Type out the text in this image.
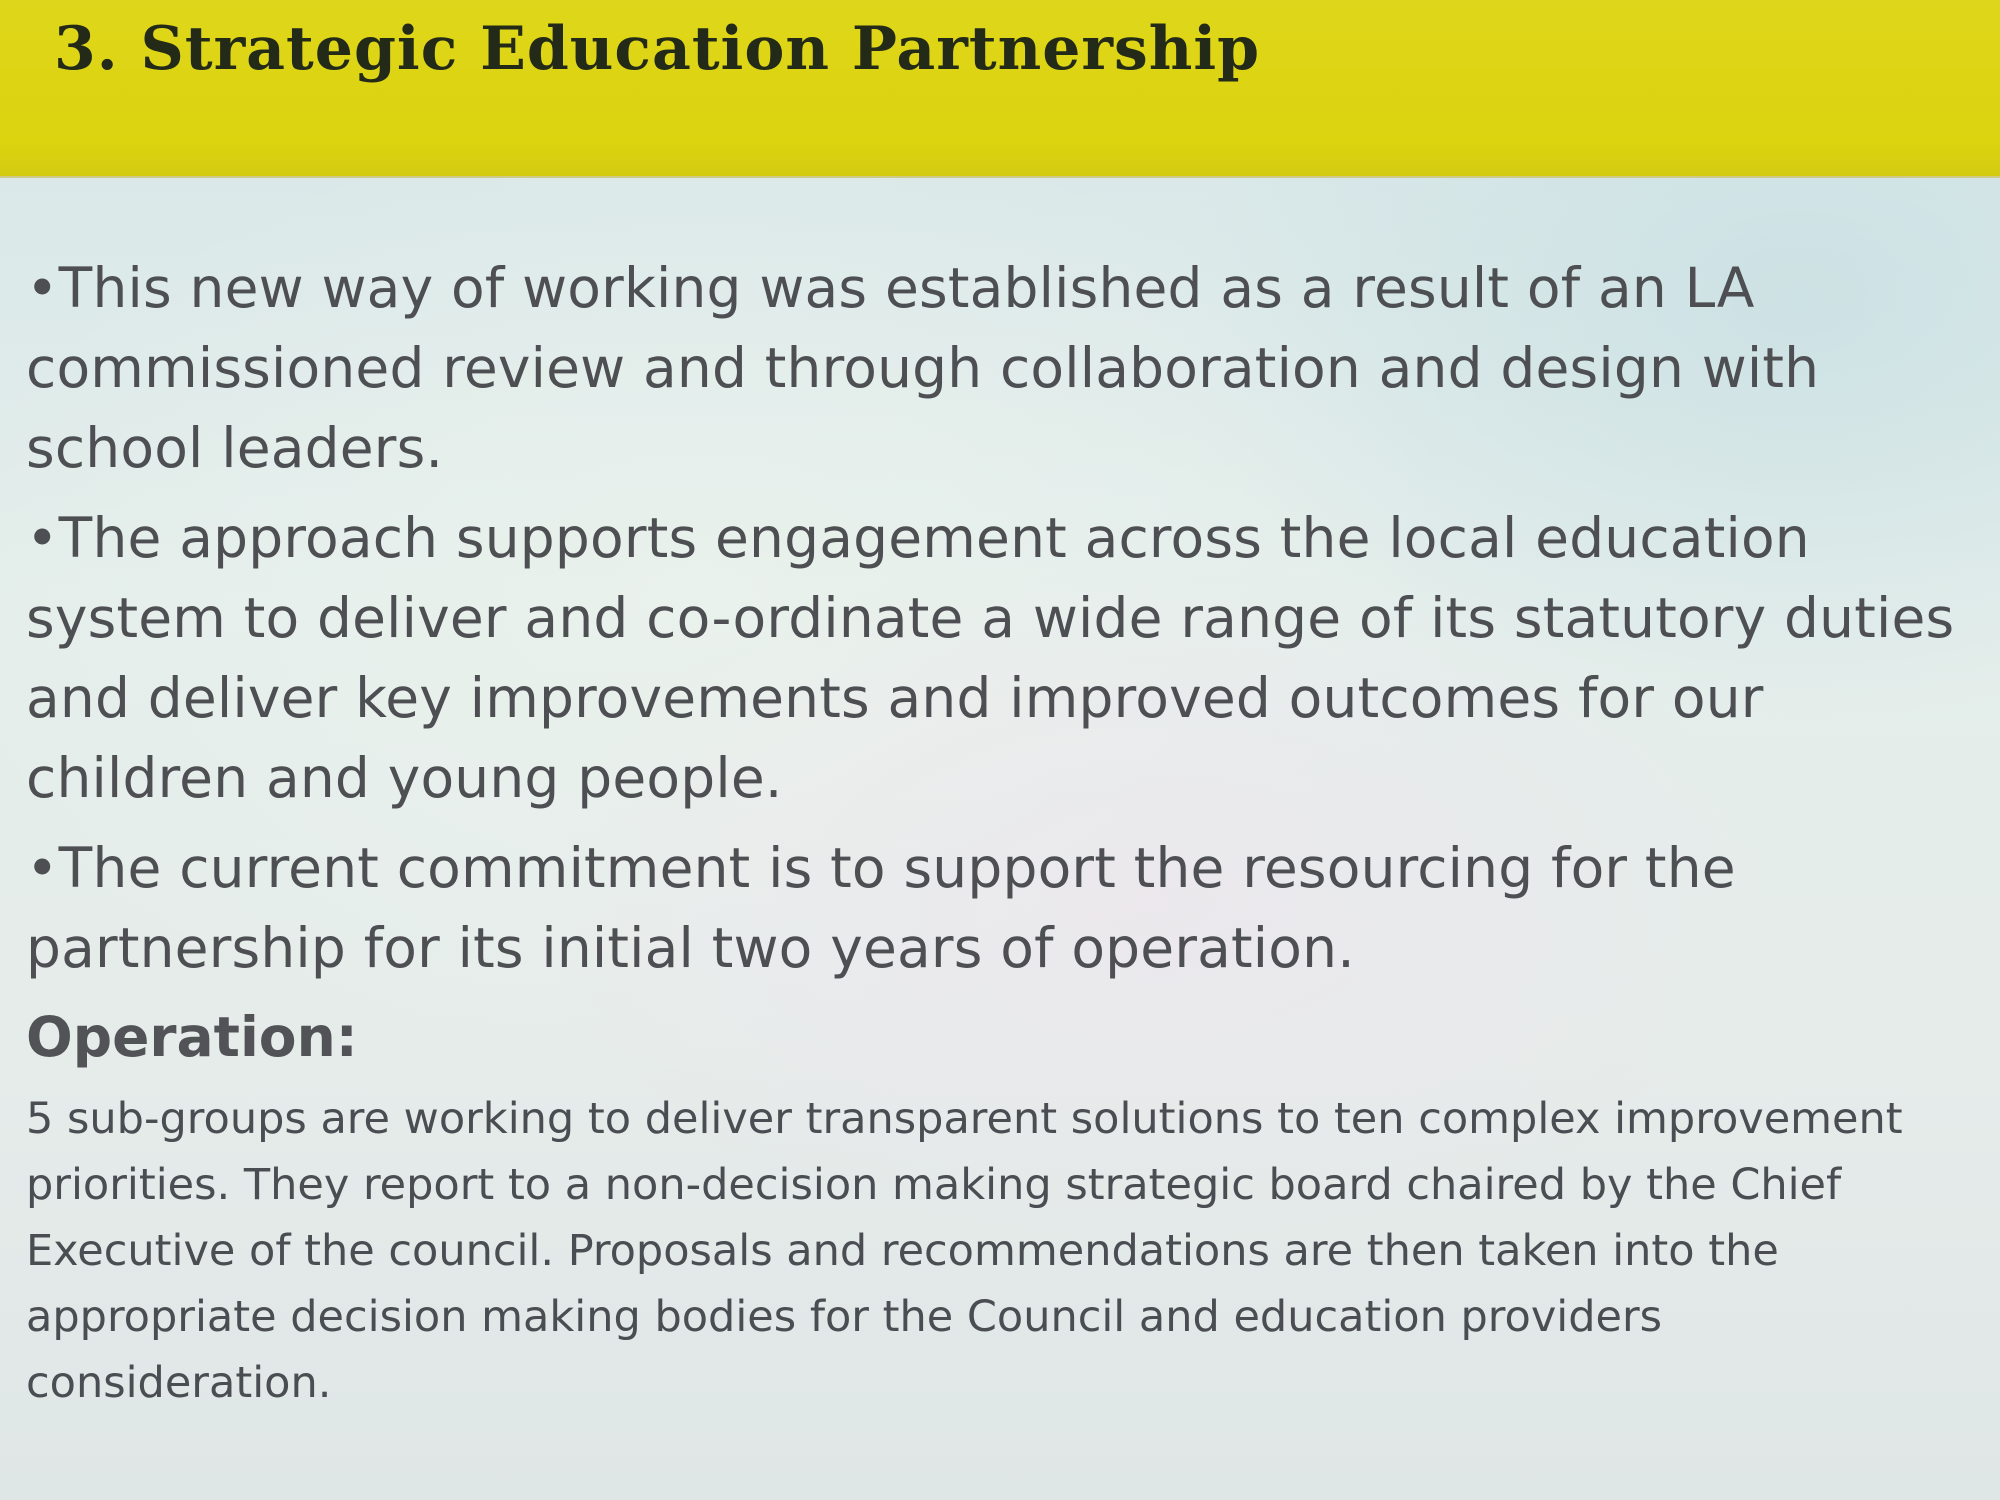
3. Strategic Education Partnership

•This new way of working was established as a result of an LA commissioned review and through collaboration and design with school leaders.

•The approach supports engagement across the local education system to deliver and co-ordinate a wide range of its statutory duties and deliver key improvements and improved outcomes for our children and young people.

•The current commitment is to support the resourcing for the partnership for its initial two years of operation.

Operation:

5 sub-groups are working to deliver transparent solutions to ten complex improvement priorities. They report to a non-decision making strategic board chaired by the Chief Executive of the council. Proposals and recommendations are then taken into the appropriate decision making bodies for the Council and education providers consideration.
